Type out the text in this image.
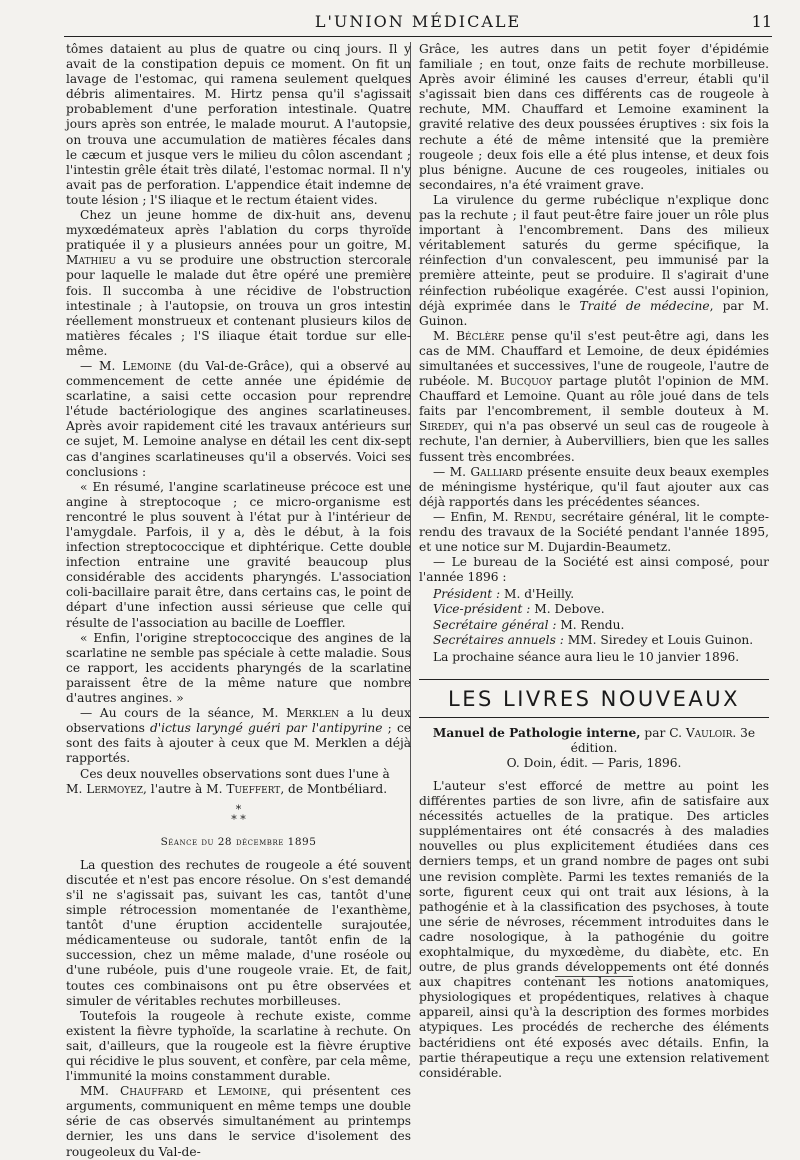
L'UNION MÉDICALE	11

tômes dataient au plus de quatre ou cinq jours. Il y avait de la constipation depuis ce moment. On fit un lavage de l'estomac, qui ramena seulement quelques débris alimentaires. M. Hirtz pensa qu'il s'agissait probablement d'une perforation intestinale. Quatre jours après son entrée, le malade mourut. A l'autopsie, on trouva une accumulation de matières fécales dans le cæcum et jusque vers le milieu du côlon ascendant ; l'intestin grêle était très dilaté, l'estomac normal. Il n'y avait pas de perforation. L'appendice était indemne de toute lésion ; l'S iliaque et le rectum étaient vides.

Chez un jeune homme de dix-huit ans, devenu myxœdémateux après l'ablation du corps thyroïde pratiquée il y a plusieurs années pour un goitre, M. Mathieu a vu se produire une obstruction stercorale pour laquelle le malade dut être opéré une première fois. Il succomba à une récidive de l'obstruction intestinale ; à l'autopsie, on trouva un gros intestin réellement monstrueux et contenant plusieurs kilos de matières fécales ; l'S iliaque était tordue sur elle-même.

— M. Lemoine (du Val-de-Grâce), qui a observé au commencement de cette année une épidémie de scarlatine, a saisi cette occasion pour reprendre l'étude bactériologique des angines scarlatineuses. Après avoir rapidement cité les travaux antérieurs sur ce sujet, M. Lemoine analyse en détail les cent dix-sept cas d'angines scarlatineuses qu'il a observés. Voici ses conclusions :

« En résumé, l'angine scarlatineuse précoce est une angine à streptocoque ; ce micro-organisme est rencontré le plus souvent à l'état pur à l'intérieur de l'amygdale. Parfois, il y a, dès le début, à la fois infection streptococcique et diphtérique. Cette double infection entraine une gravité beaucoup plus considérable des accidents pharyngés. L'association coli-bacillaire parait être, dans certains cas, le point de départ d'une infection aussi sérieuse que celle qui résulte de l'association au bacille de Loeffler.

« Enfin, l'origine streptococcique des angines de la scarlatine ne semble pas spéciale à cette maladie. Sous ce rapport, les accidents pharyngés de la scarlatine paraissent être de la même nature que nombre d'autres angines. »

— Au cours de la séance, M. Merklen a lu deux observations d'ictus laryngé guéri par l'antipyrine ; ce sont des faits à ajouter à ceux que M. Merklen a déjà rapportés.

Ces deux nouvelles observations sont dues l'une à

M. Lermoyez, l'autre à M. Tueffert, de Montbéliard.

*
* *
Séance du 28 décembre 1895

La question des rechutes de rougeole a été souvent discutée et n'est pas encore résolue. On s'est demandé s'il ne s'agissait pas, suivant les cas, tantôt d'une simple rétrocession momentanée de l'exanthème, tantôt d'une éruption accidentelle surajoutée, médicamenteuse ou sudorale, tantôt enfin de la succession, chez un même malade, d'une roséole ou d'une rubéole, puis d'une rougeole vraie. Et, de fait, toutes ces combinaisons ont pu être observées et simuler de véritables rechutes morbilleuses.

Toutefois la rougeole à rechute existe, comme existent la fièvre typhoïde, la scarlatine à rechute. On sait, d'ailleurs, que la rougeole est la fièvre éruptive qui récidive le plus souvent, et confère, par cela même, l'immunité la moins constamment durable.

MM. Chauffard et Lemoine, qui présentent ces arguments, communiquent en même temps une double série de cas observés simultanément au printemps dernier, les uns dans le service d'isolement des rougeoleux du Val-de-

Grâce, les autres dans un petit foyer d'épidémie familiale ; en tout, onze faits de rechute morbilleuse. Après avoir éliminé les causes d'erreur, établi qu'il s'agissait bien dans ces différents cas de rougeole à rechute, MM. Chauffard et Lemoine examinent la gravité relative des deux poussées éruptives : six fois la rechute a été de même intensité que la première rougeole ; deux fois elle a été plus intense, et deux fois plus bénigne. Aucune de ces rougeoles, initiales ou secondaires, n'a été vraiment grave.

La virulence du germe rubéclique n'explique donc pas la rechute ; il faut peut-être faire jouer un rôle plus important à l'encombrement. Dans des milieux véritablement saturés du germe spécifique, la réinfection d'un convalescent, peu immunisé par la première atteinte, peut se produire. Il s'agirait d'une réinfection rubéolique exagérée. C'est aussi l'opinion, déjà exprimée dans le Traité de médecine, par M. Guinon.

M. Béclère pense qu'il s'est peut-être agi, dans les cas de MM. Chauffard et Lemoine, de deux épidémies simultanées et successives, l'une de rougeole, l'autre de rubéole. M. Bucquoy partage plutôt l'opinion de MM. Chauffard et Lemoine. Quant au rôle joué dans de tels faits par l'encombrement, il semble douteux à M. Siredey, qui n'a pas observé un seul cas de rougeole à rechute, l'an dernier, à Aubervilliers, bien que les salles fussent très encombrées.

— M. Galliard présente ensuite deux beaux exemples de méningisme hystérique, qu'il faut ajouter aux cas déjà rapportés dans les précédentes séances.

— Enfin, M. Rendu, secrétaire général, lit le compte-rendu des travaux de la Société pendant l'année 1895, et une notice sur M. Dujardin-Beaumetz.

— Le bureau de la Société est ainsi composé, pour l'année 1896 :

Président : M. d'Heilly.
Vice-président : M. Debove.
Secrétaire général : M. Rendu.
Secrétaires annuels : MM. Siredey et Louis Guinon.

La prochaine séance aura lieu le 10 janvier 1896.

LES LIVRES NOUVEAUX
Manuel de Pathologie interne, par C. Vauloir. 3e édition.
O. Doin, édit. — Paris, 1896.

L'auteur s'est efforcé de mettre au point les différentes parties de son livre, afin de satisfaire aux nécessités actuelles de la pratique. Des articles supplémentaires ont été consacrés à des maladies nouvelles ou plus explicitement étudiées dans ces derniers temps, et un grand nombre de pages ont subi une revision complète. Parmi les textes remaniés de la sorte, figurent ceux qui ont trait aux lésions, à la pathogénie et à la classification des psychoses, à toute une série de névroses, récemment introduites dans le cadre nosologique, à la pathogénie du goitre exophtalmique, du myxœdème, du diabète, etc. En outre, de plus grands développements ont été donnés aux chapitres contenant les notions anatomiques, physiologiques et propédentiques, relatives à chaque appareil, ainsi qu'à la description des formes morbides atypiques. Les procédés de recherche des éléments bactéridiens ont été exposés avec détails. Enfin, la partie thérapeutique a reçu une extension relativement considérable.
